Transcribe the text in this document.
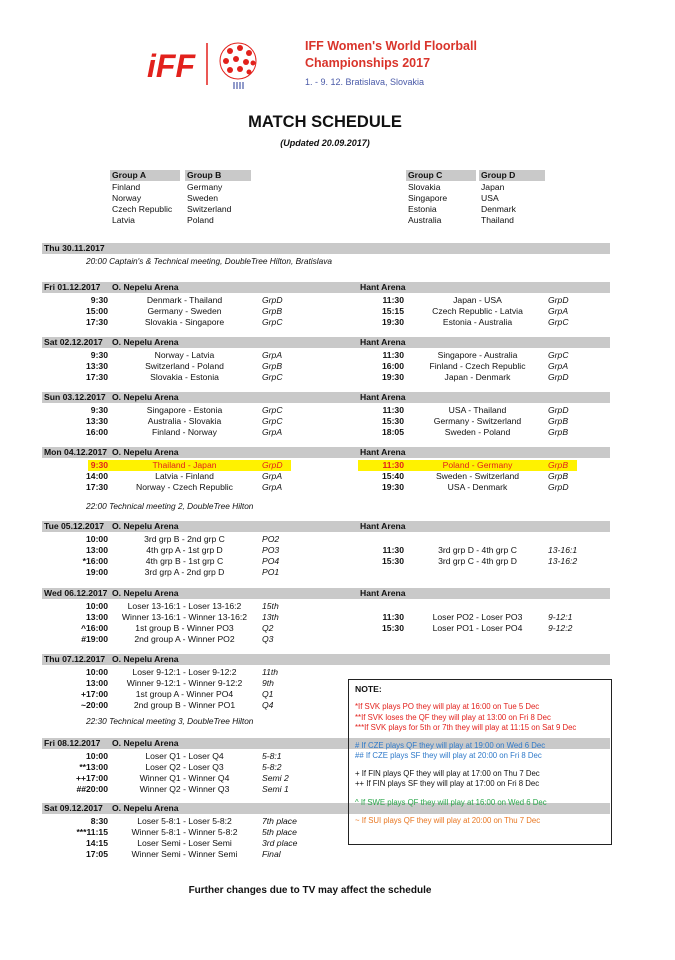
iFF
IFF Women's World Floorball
Championships 2017
1. - 9. 12. Bratislava, Slovakia
MATCH SCHEDULE
(Updated 20.09.2017)
Group A
Finland
Norway
Czech Republic
Latvia
Group B
Germany
Sweden
Switzerland
Poland
Group C
Slovakia
Singapore
Estonia
Australia
Group D
Japan
USA
Denmark
Thailand
Thu 30.11.2017
20:00 Captain's & Technical meeting, DoubleTree Hilton, Bratislava
Fri 01.12.2017 O. Nepelu Arena	Hant Arena
9:30	Denmark - Thailand	GrpD
15:00	Germany - Sweden	GrpB
17:30	Slovakia - Singapore	GrpC
11:30	Japan - USA	GrpD
15:15	Czech Republic - Latvia	GrpA
19:30	Estonia - Australia	GrpC
Sat 02.12.2017 O. Nepelu Arena	Hant Arena
9:30	Norway - Latvia	GrpA
13:30	Switzerland - Poland	GrpB
17:30	Slovakia - Estonia	GrpC
11:30	Singapore - Australia	GrpC
16:00	Finland - Czech Republic	GrpA
19:30	Japan - Denmark	GrpD
Sun 03.12.2017 O. Nepelu Arena	Hant Arena
9:30	Singapore - Estonia	GrpC
13:30	Australia - Slovakia	GrpC
16:00	Finland - Norway	GrpA
11:30	USA - Thailand	GrpD
15:30	Germany - Switzerland	GrpB
18:05	Sweden - Poland	GrpB
Mon 04.12.2017 O. Nepelu Arena	Hant Arena
9:30	Thailand - Japan	GrpD
14:00	Latvia - Finland	GrpA
17:30	Norway - Czech Republic	GrpA
11:30	Poland - Germany	GrpB
15:40	Sweden - Switzerland	GrpB
19:30	USA - Denmark	GrpD
22:00 Technical meeting 2, DoubleTree Hilton
Tue 05.12.2017 O. Nepelu Arena	Hant Arena
10:00	3rd grp B - 2nd grp C	PO2
13:00	4th grp A - 1st grp D	PO3
*16:00	4th grp B - 1st grp C	PO4
19:00	3rd grp A - 2nd grp D	PO1
11:30	3rd grp D - 4th grp C	13-16:1
15:30	3rd grp C - 4th grp D	13-16:2
Wed 06.12.2017 O. Nepelu Arena	Hant Arena
10:00	Loser 13-16:1 - Loser 13-16:2	15th
13:00	Winner 13-16:1 - Winner 13-16:2	13th
^16:00	1st group B - Winner PO3	Q2
#19:00	2nd group A - Winner PO2	Q3
11:30	Loser PO2 - Loser PO3	9-12:1
15:30	Loser PO1 - Loser PO4	9-12:2
Thu 07.12.2017 O. Nepelu Arena
10:00	Loser 9-12:1 - Loser 9-12:2	11th
13:00	Winner 9-12:1 - Winner 9-12:2	9th
+17:00	1st group A - Winner PO4	Q1
~20:00	2nd group B - Winner PO1	Q4
22:30 Technical meeting 3, DoubleTree Hilton
Fri 08.12.2017 O. Nepelu Arena
10:00	Loser Q1 - Loser Q4	5-8:1
**13:00	Loser Q2 - Loser Q3	5-8:2
++17:00	Winner Q1 - Winner Q4	Semi 2
##20:00	Winner Q2 - Winner Q3	Semi 1
Sat 09.12.2017 O. Nepelu Arena
8:30	Loser 5-8:1 - Loser 5-8:2	7th place
***11:15	Winner 5-8:1 - Winner 5-8:2	5th place
14:15	Loser Semi - Loser Semi	3rd place
17:05	Winner Semi - Winner Semi	Final
NOTE:
*If SVK plays PO they will play at 16:00 on Tue 5 Dec
**If SVK loses the QF they will play at 13:00 on Fri 8 Dec
***If SVK plays for 5th or 7th they will play at 11:15 on Sat 9 Dec
# If CZE plays QF they will play at 19:00 on Wed 6 Dec
## If CZE plays SF they will play at 20:00 on Fri 8 Dec
+ If FIN plays QF they will play at 17:00 on Thu 7 Dec
++ If FIN plays SF they will play at 17:00 on Fri 8 Dec
^ If SWE plays QF they will play at 16:00 on Wed 6 Dec
~ If SUI plays QF they will play at 20:00 on Thu 7 Dec
Further changes due to TV may affect the schedule
